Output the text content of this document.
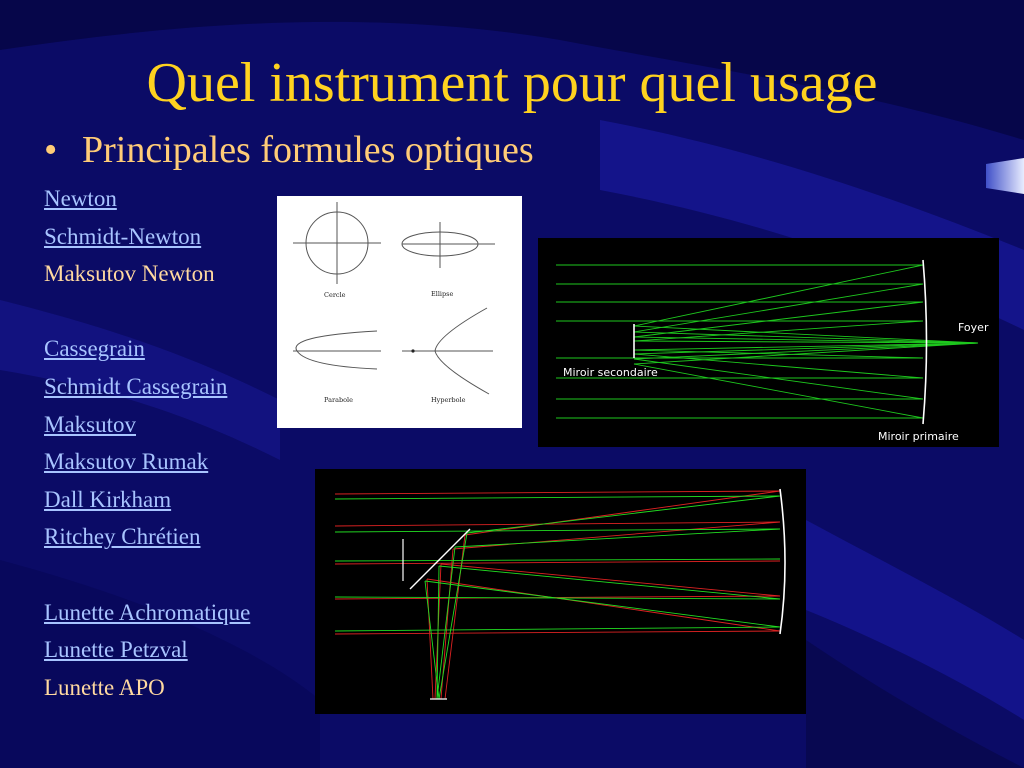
Quel instrument pour quel usage
• Principales formules optiques
Newton
Schmidt-Newton
Maksutov Newton
Cassegrain
Schmidt Cassegrain
Maksutov
Maksutov Rumak
Dall Kirkham
Ritchey Chrétien
Lunette Achromatique
Lunette Petzval
Lunette APO
Cercle	Ellipse
Parabole	Hyperbole
Foyer
Miroir secondaire
Miroir primaire
